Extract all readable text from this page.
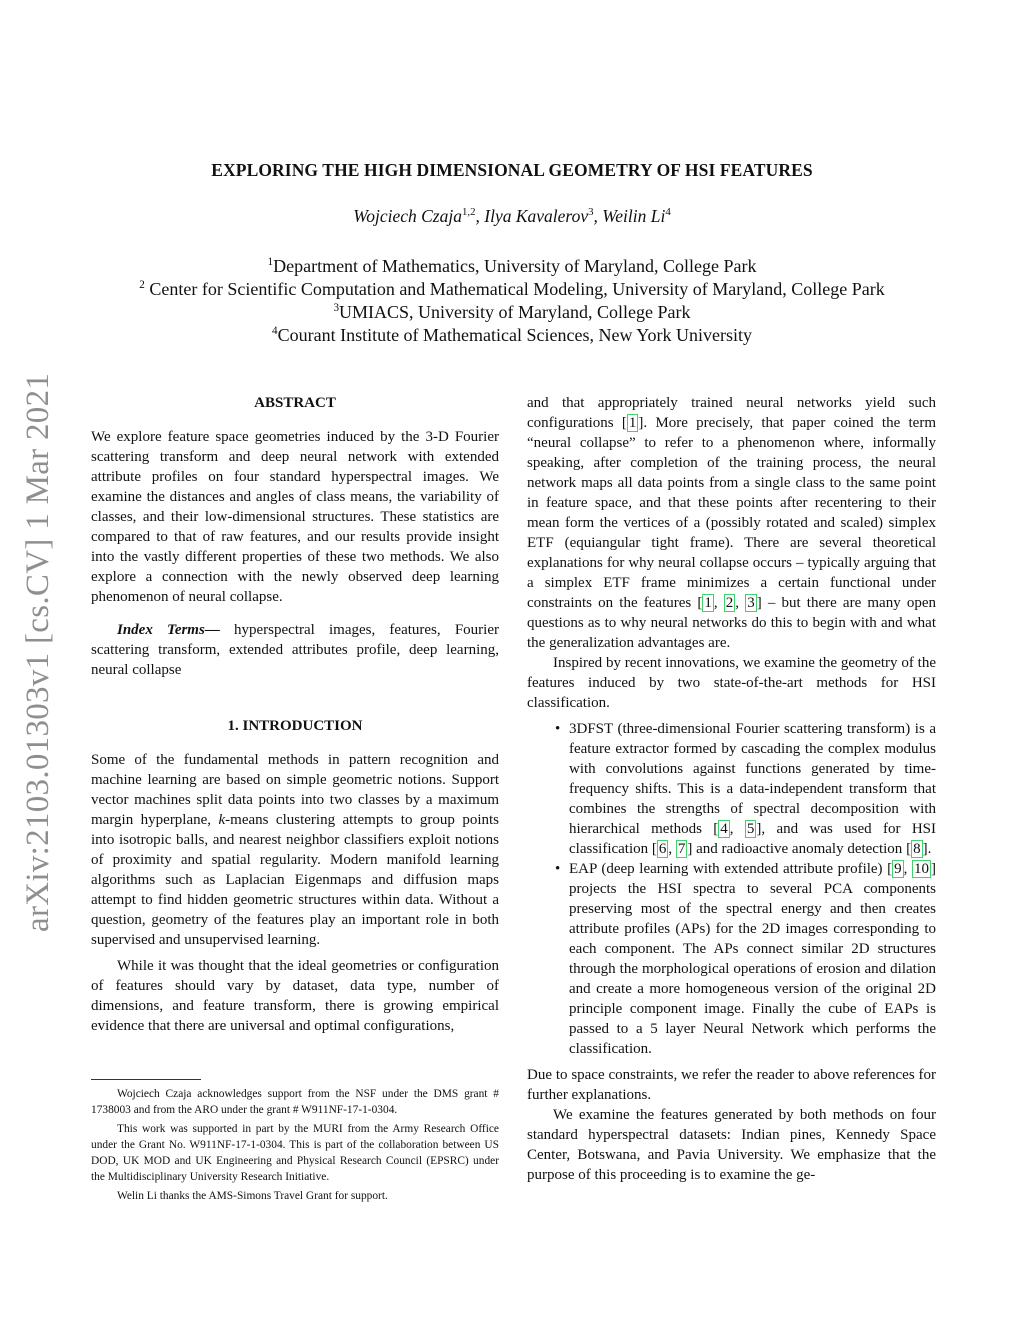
arXiv:2103.01303v1 [cs.CV] 1 Mar 2021
EXPLORING THE HIGH DIMENSIONAL GEOMETRY OF HSI FEATURES
Wojciech Czaja$^{1,2}$, Ilya Kavalerov$^3$, Weilin Li$^4$
$^1$Department of Mathematics, University of Maryland, College Park
$^2$ Center for Scientific Computation and Mathematical Modeling, University of Maryland, College Park
$^3$UMIACS, University of Maryland, College Park
$^4$Courant Institute of Mathematical Sciences, New York University
ABSTRACT

We explore feature space geometries induced by the 3-D Fourier scattering transform and deep neural network with extended attribute profiles on four standard hyperspectral images. We examine the distances and angles of class means, the variability of classes, and their low-dimensional structures. These statistics are compared to that of raw features, and our results provide insight into the vastly different properties of these two methods. We also explore a connection with the newly observed deep learning phenomenon of neural collapse.

Index Terms— hyperspectral images, features, Fourier scattering transform, extended attributes profile, deep learning, neural collapse

1. INTRODUCTION

Some of the fundamental methods in pattern recognition and machine learning are based on simple geometric notions. Support vector machines split data points into two classes by a maximum margin hyperplane, k-means clustering attempts to group points into isotropic balls, and nearest neighbor classifiers exploit notions of proximity and spatial regularity. Modern manifold learning algorithms such as Laplacian Eigenmaps and diffusion maps attempt to find hidden geometric structures within data. Without a question, geometry of the features play an important role in both supervised and unsupervised learning.

While it was thought that the ideal geometries or configuration of features should vary by dataset, data type, number of dimensions, and feature transform, there is growing empirical evidence that there are universal and optimal configurations,

Wojciech Czaja acknowledges support from the NSF under the DMS grant # 1738003 and from the ARO under the grant # W911NF-17-1-0304.

This work was supported in part by the MURI from the Army Research Office under the Grant No. W911NF-17-1-0304. This is part of the collaboration between US DOD, UK MOD and UK Engineering and Physical Research Council (EPSRC) under the Multidisciplinary University Research Initiative.

Welin Li thanks the AMS-Simons Travel Grant for support.

and that appropriately trained neural networks yield such configurations [ 1 ]. More precisely, that paper coined the term “neural collapse” to refer to a phenomenon where, informally speaking, after completion of the training process, the neural network maps all data points from a single class to the same point in feature space, and that these points after recentering to their mean form the vertices of a (possibly rotated and scaled) simplex ETF (equiangular tight frame). There are several theoretical explanations for why neural collapse occurs – typically arguing that a simplex ETF frame minimizes a certain functional under constraints on the features [ 1 , 2 , 3 ] – but there are many open questions as to why neural networks do this to begin with and what the generalization advantages are.

Inspired by recent innovations, we examine the geometry of the features induced by two state-of-the-art methods for HSI classification.

• 3DFST (three-dimensional Fourier scattering transform) is a feature extractor formed by cascading the complex modulus with convolutions against functions generated by time-frequency shifts. This is a data-independent transform that combines the strengths of spectral decomposition with hierarchical methods [ 4 , 5 ], and was used for HSI classification [ 6 , 7 ] and radioactive anomaly detection [ 8 ].
• EAP (deep learning with extended attribute profile) [ 9 , 10 ] projects the HSI spectra to several PCA components preserving most of the spectral energy and then creates attribute profiles (APs) for the 2D images corresponding to each component. The APs connect similar 2D structures through the morphological operations of erosion and dilation and create a more homogeneous version of the original 2D principle component image. Finally the cube of EAPs is passed to a 5 layer Neural Network which performs the classification.

Due to space constraints, we refer the reader to above references for further explanations.

We examine the features generated by both methods on four standard hyperspectral datasets: Indian pines, Kennedy Space Center, Botswana, and Pavia University. We emphasize that the purpose of this proceeding is to examine the ge-
